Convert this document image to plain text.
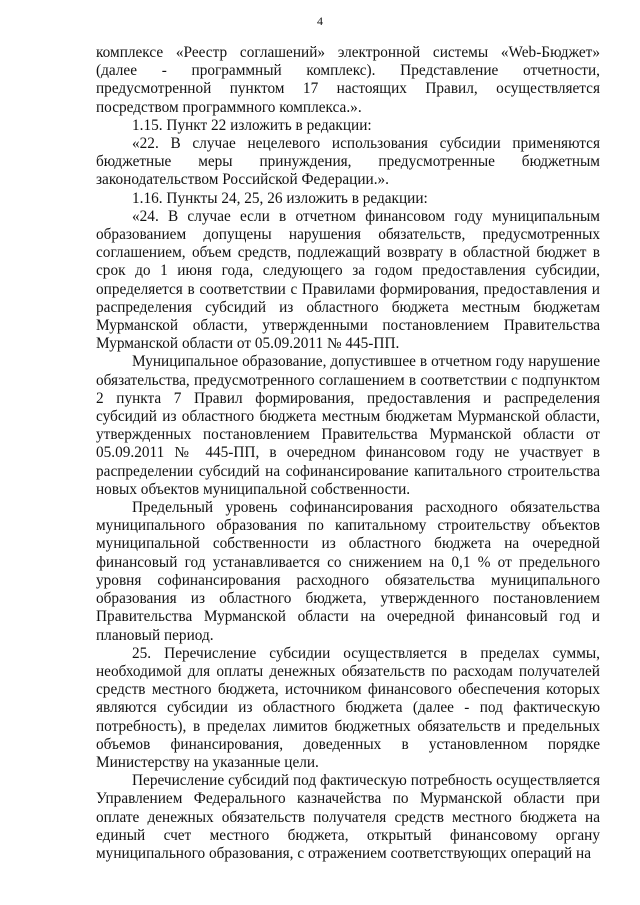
4

комплексе «Реестр соглашений» электронной системы «Web-Бюджет» (далее - программный комплекс). Представление отчетности, предусмотренной пунктом 17 настоящих Правил, осуществляется посредством программного комплекса.».

1.15. Пункт 22 изложить в редакции:

«22. В случае нецелевого использования субсидии применяются бюджетные меры принуждения, предусмотренные бюджетным законодательством Российской Федерации.».

1.16. Пункты 24, 25, 26 изложить в редакции:

«24. В случае если в отчетном финансовом году муниципальным образованием допущены нарушения обязательств, предусмотренных соглашением, объем средств, подлежащий возврату в областной бюджет в срок до 1 июня года, следующего за годом предоставления субсидии, определяется в соответствии с Правилами формирования, предоставления и распределения субсидий из областного бюджета местным бюджетам Мурманской области, утвержденными постановлением Правительства Мурманской области от 05.09.2011 № 445-ПП.

Муниципальное образование, допустившее в отчетном году нарушение обязательства, предусмотренного соглашением в соответствии с подпунктом 2 пункта 7 Правил формирования, предоставления и распределения субсидий из областного бюджета местным бюджетам Мурманской области, утвержденных постановлением Правительства Мурманской области от 05.09.2011 № 445-ПП, в очередном финансовом году не участвует в распределении субсидий на софинансирование капитального строительства новых объектов муниципальной собственности.

Предельный уровень софинансирования расходного обязательства муниципального образования по капитальному строительству объектов муниципальной собственности из областного бюджета на очередной финансовый год устанавливается со снижением на 0,1 % от предельного уровня софинансирования расходного обязательства муниципального образования из областного бюджета, утвержденного постановлением Правительства Мурманской области на очередной финансовый год и плановый период.

25. Перечисление субсидии осуществляется в пределах суммы, необходимой для оплаты денежных обязательств по расходам получателей средств местного бюджета, источником финансового обеспечения которых являются субсидии из областного бюджета (далее - под фактическую потребность), в пределах лимитов бюджетных обязательств и предельных объемов финансирования, доведенных в установленном порядке Министерству на указанные цели.

Перечисление субсидий под фактическую потребность осуществляется Управлением Федерального казначейства по Мурманской области при оплате денежных обязательств получателя средств местного бюджета на единый счет местного бюджета, открытый финансовому органу муниципального образования, с отражением соответствующих операций на
